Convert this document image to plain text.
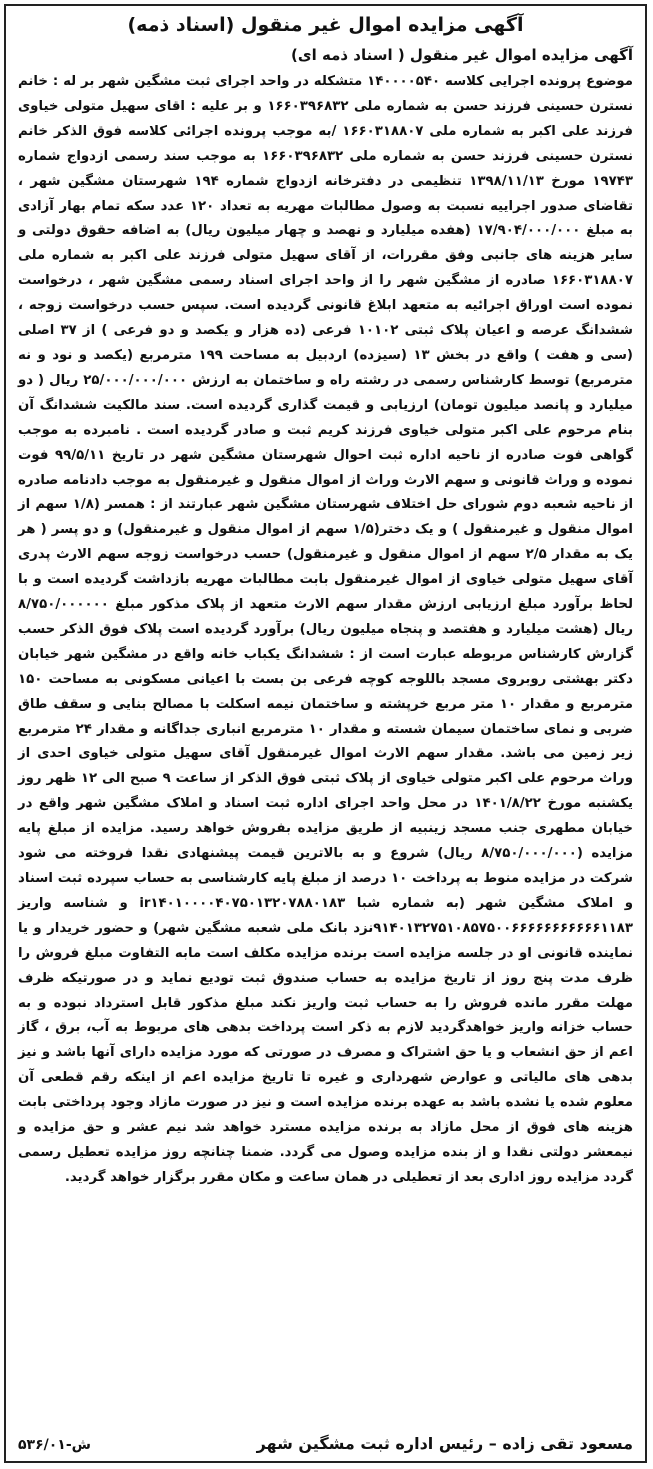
آگهی مزایده اموال غیر منقول (اسناد ذمه)
آگهی مزایده اموال غیر منقول ( اسناد ذمه ای)

موضوع پرونده اجرایی کلاسه ۱۴۰۰۰۰۵۴۰ متشکله در واحد اجرای ثبت مشگین شهر بر له : خانم نسترن حسینی فرزند حسن به شماره ملی ۱۶۶۰۳۹۶۸۳۲ و بر علیه : اقای سهیل متولی خیاوی فرزند علی اکبر به شماره ملی ۱۶۶۰۳۱۸۸۰۷ /به موجب پرونده اجرائی کلاسه فوق الذکر خانم نسترن حسینی فرزند حسن به شماره ملی ۱۶۶۰۳۹۶۸۳۲ به موجب سند رسمی ازدواج شماره ۱۹۷۴۳ مورخ ۱۳۹۸/۱۱/۱۳ تنظیمی در دفترخانه ازدواج شماره ۱۹۴ شهرستان مشگین شهر ، تقاضای صدور اجراییه نسبت به وصول مطالبات مهریه به تعداد ۱۲۰ عدد سکه تمام بهار آزادی به مبلغ ۱۷/۹۰۴/۰۰۰/۰۰۰ (هفده میلیارد و نهصد و چهار میلیون ریال) به اضافه حقوق دولتی و سایر هزینه های جانبی وفق مقررات، از آقای سهیل متولی فرزند علی اکبر به شماره ملی ۱۶۶۰۳۱۸۸۰۷ صادره از مشگین شهر را از واحد اجرای اسناد رسمی مشگین شهر ، درخواست نموده است اوراق اجرائیه به متعهد ابلاغ قانونی گردیده است. سپس حسب درخواست زوجه ، ششدانگ عرصه و اعیان پلاک ثبتی ۱۰۱۰۲ فرعی (ده هزار و یکصد و دو فرعی ) از ۳۷ اصلی (سی و هفت ) واقع در بخش ۱۳ (سیزده) اردبیل به مساحت ۱۹۹ مترمربع (یکصد و نود و نه مترمربع) توسط کارشناس رسمی در رشته راه و ساختمان به ارزش ۲۵/۰۰۰/۰۰۰/۰۰۰ ریال ( دو میلیارد و پانصد میلیون تومان) ارزیابی و قیمت گذاری گردیده است. سند مالکیت ششدانگ آن بنام مرحوم علی اکبر متولی خیاوی فرزند کریم ثبت و صادر گردیده است . نامبرده به موجب گواهی فوت صادره از ناحیه اداره ثبت احوال شهرستان مشگین شهر در تاریخ ۹۹/۵/۱۱ فوت نموده و وراث قانونی و سهم الارث وراث از اموال منقول و غیرمنقول به موجب دادنامه صادره از ناحیه شعبه دوم شورای حل اختلاف شهرستان مشگین شهر عبارتند از : همسر (۱/۸ سهم از اموال منقول و غیرمنقول ) و یک دختر(۱/۵ سهم از اموال منقول و غیرمنقول) و دو پسر ( هر یک به مقدار ۲/۵ سهم از اموال منقول و غیرمنقول) حسب درخواست زوجه سهم الارث پدری آقای سهیل متولی خیاوی از اموال غیرمنقول بابت مطالبات مهریه بازداشت گردیده است و با لحاظ برآورد مبلغ ارزیابی ارزش مقدار سهم الارث متعهد از پلاک مذکور مبلغ ۸/۷۵۰/۰۰۰۰۰۰ ریال (هشت میلیارد و هفتصد و پنجاه میلیون ریال) برآورد گردیده است پلاک فوق الذکر حسب گزارش کارشناس مربوطه عبارت است از : ششدانگ یکباب خانه واقع در مشگین شهر خیابان دکتر بهشتی روبروی مسجد باللوجه کوچه فرعی بن بست با اعیانی مسکونی به مساحت ۱۵۰ مترمربع و مقدار ۱۰ متر مربع خرپشته و ساختمان نیمه اسکلت با مصالح بنایی و سقف طاق ضربی و نمای ساختمان سیمان شسته و مقدار ۱۰ مترمربع انباری جداگانه و مقدار ۲۴ مترمربع زیر زمین می باشد. مقدار سهم الارث اموال غیرمنقول آقای سهیل متولی خیاوی احدی از وراث مرحوم علی اکبر متولی خیاوی از پلاک ثبتی فوق الذکر از ساعت ۹ صبح الی ۱۲ ظهر روز یکشنبه مورخ ۱۴۰۱/۸/۲۲ در محل واحد اجرای اداره ثبت اسناد و املاک مشگین شهر واقع در خیابان مطهری جنب مسجد زینبیه از طریق مزایده بفروش خواهد رسید. مزایده از مبلغ پایه مزایده (۸/۷۵۰/۰۰۰/۰۰۰ ریال) شروع و به بالاترین قیمت پیشنهادی نقدا فروخته می شود شرکت در مزایده منوط به پرداخت ۱۰ درصد از مبلغ پایه کارشناسی به حساب سپرده ثبت اسناد و املاک مشگین شهر (به شماره شبا ir۱۴۰۱۰۰۰۰۴۰۷۵۰۱۳۲۰۷۸۸۰۱۸۳ و شناسه واریز ۹۱۴۰۱۳۲۷۵۱۰۸۵۷۵۰۰۶۶۶۶۶۶۶۶۶۶۶۱۱۸۳نزد بانک ملی شعبه مشگین شهر) و حضور خریدار و یا نماینده قانونی او در جلسه مزایده است برنده مزایده مکلف است مابه التفاوت مبلغ فروش را ظرف مدت پنج روز از تاریخ مزایده به حساب صندوق ثبت تودیع نماید و در صورتیکه ظرف مهلت مقرر مانده فروش را به حساب ثبت واریز نکند مبلغ مذکور قابل استرداد نبوده و به حساب خزانه واریز خواهدگردید لازم به ذکر است پرداخت بدهی های مربوط به آب، برق ، گاز اعم از حق انشعاب و یا حق اشتراک و مصرف در صورتی که مورد مزایده دارای آنها باشد و نیز بدهی های مالیاتی و عوارض شهرداری و غیره تا تاریخ مزایده اعم از اینکه رقم قطعی آن معلوم شده یا نشده باشد به عهده برنده مزایده است و نیز در صورت مازاد وجود پرداختی بابت هزینه های فوق از محل مازاد به برنده مزایده مسترد خواهد شد نیم عشر و حق مزایده و نیمعشر دولتی نقدا و از بنده مزایده وصول می گردد. ضمنا چنانچه روز مزایده تعطیل رسمی گردد مزایده روز اداری بعد از تعطیلی در همان ساعت و مکان مقرر برگزار خواهد گردید.

مسعود تقی زاده – رئیس اداره ثبت مشگین شهر
۵۳۶/۰۱-ش
